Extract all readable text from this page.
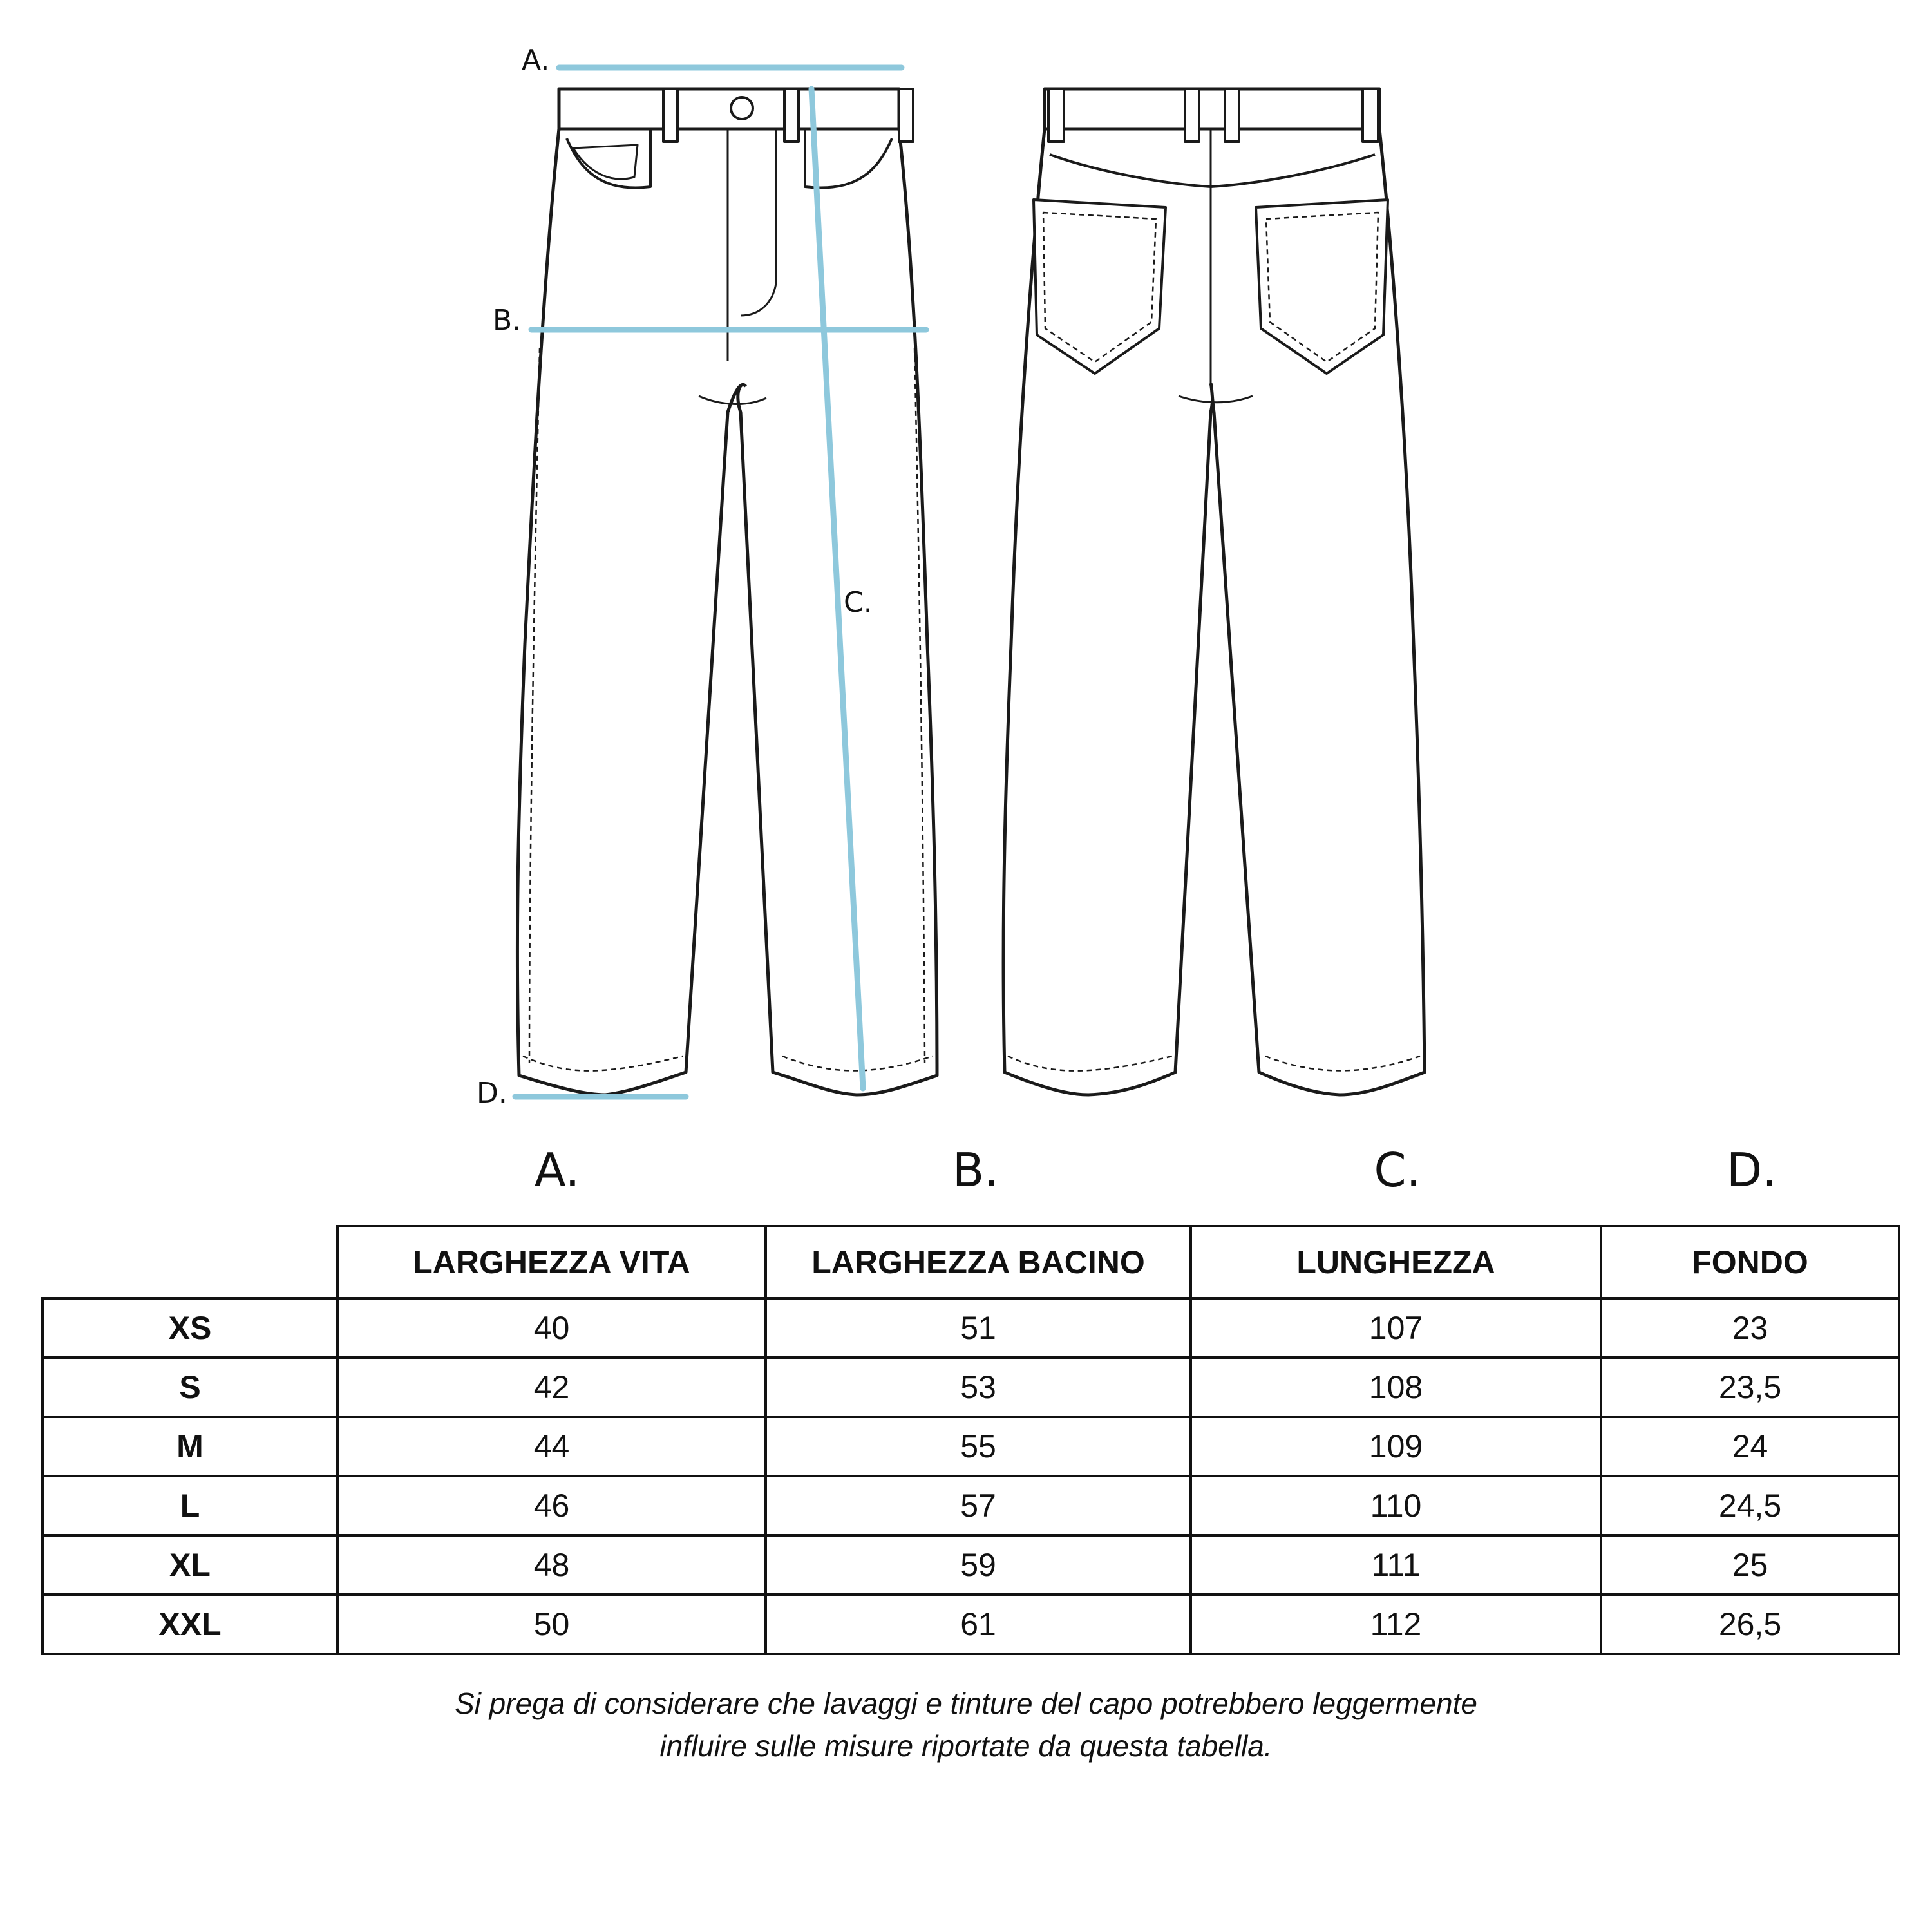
A.
B.
C.
D.
A.	B.	C.	D.
	LARGHEZZA VITA	LARGHEZZA BACINO	LUNGHEZZA	FONDO
XS	40	51	107	23
S	42	53	108	23,5
M	44	55	109	24
L	46	57	110	24,5
XL	48	59	111	25
XXL	50	61	112	26,5
Si prega di considerare che lavaggi e tinture del capo potrebbero leggermente
influire sulle misure riportate da questa tabella.
